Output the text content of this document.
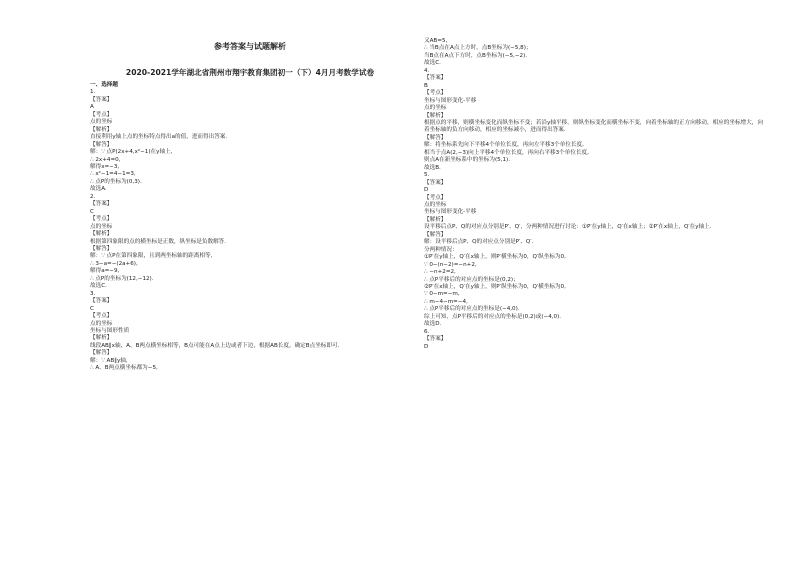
参考答案与试题解析
2020-2021学年湖北省荆州市翔宇教育集团初一（下）4月月考数学试卷
一、选择题
1.
【答案】
A
【考点】
点的坐标
【解析】
直接利用y轴上点的坐标特点得出a的值，进而得出答案.
【解答】
解：∵ 点P(2x+4,x²−1)在y轴上,
∴ 2x+4=0,
解得x=−3,
∴ x²−1=4−1=3,
∴ 点P的坐标为(0,3).
故选A.
2.
【答案】
C
【考点】
点的坐标
【解析】
根据第四象限的点的横坐标是正数，纵坐标是负数解答.
【解答】
解：∵ 点P在第四象限，且到两坐标轴的距离相等,
∴ 3−a=−(2a+6),
解得a=−9,
∴ 点P的坐标为(12,−12).
故选C.
3.
【答案】
C
【考点】
点的坐标
坐标与图形性质
【解析】
线段AB∥x轴，A、B两点横坐标相等，B点可能在A点上边或者下边，根据AB长度，确定B点坐标即可.
【解答】
解：∵ AB∥y轴,
∴ A、B两点横坐标都为−5,
又AB=5,
∴ 当B点在A点上方时，点B坐标为(−5,8)；
当B点在A点下方时，点B坐标为(−5,−2).
故选C.
4.
【答案】
B
【考点】
坐标与图形变化-平移
点的坐标
【解析】
根据点的平移，则横坐标变化而纵坐标不变；若沿y轴平移，则纵坐标变化而横坐标不变，向着坐标轴的正方向移动，相应的坐标增大，向着坐标轴的负方向移动，相应的坐标减小，进而得出答案.
【解答】
解：将坐标系先向下平移4个单位长度，再向左平移3个单位长度,
相当于点A(2,−3)向上平移4个单位长度，再向右平移3个单位长度,
则点A在新坐标系中的坐标为(5,1).
故选B.
5.
【答案】
D
【考点】
点的坐标
坐标与图形变化-平移
【解析】
设平移后点P、Q的对应点分别是P′、Q′，分两种情况进行讨论：①P′在y轴上，Q′在x轴上；②P′在x轴上，Q′在y轴上.
【解答】
解：设平移后点P、Q的对应点分别是P′、Q′.
分两种情况：
①P′在y轴上，Q′在x轴上，则P′横坐标为0，Q′纵坐标为0,
∵ 0−(n−2)=−n+2,
∴ −n+2=2,
∴ 点P平移后的对应点的坐标是(0,2)；
②P′在x轴上，Q′在y轴上，则P′纵坐标为0，Q′横坐标为0,
∵ 0−m=−m,
∴ m−4−m=−4,
∴ 点P平移后的对应点的坐标是(−4,0).
综上可知，点P平移后的对应点的坐标是(0,2)或(−4,0).
故选D.
6.
【答案】
D
